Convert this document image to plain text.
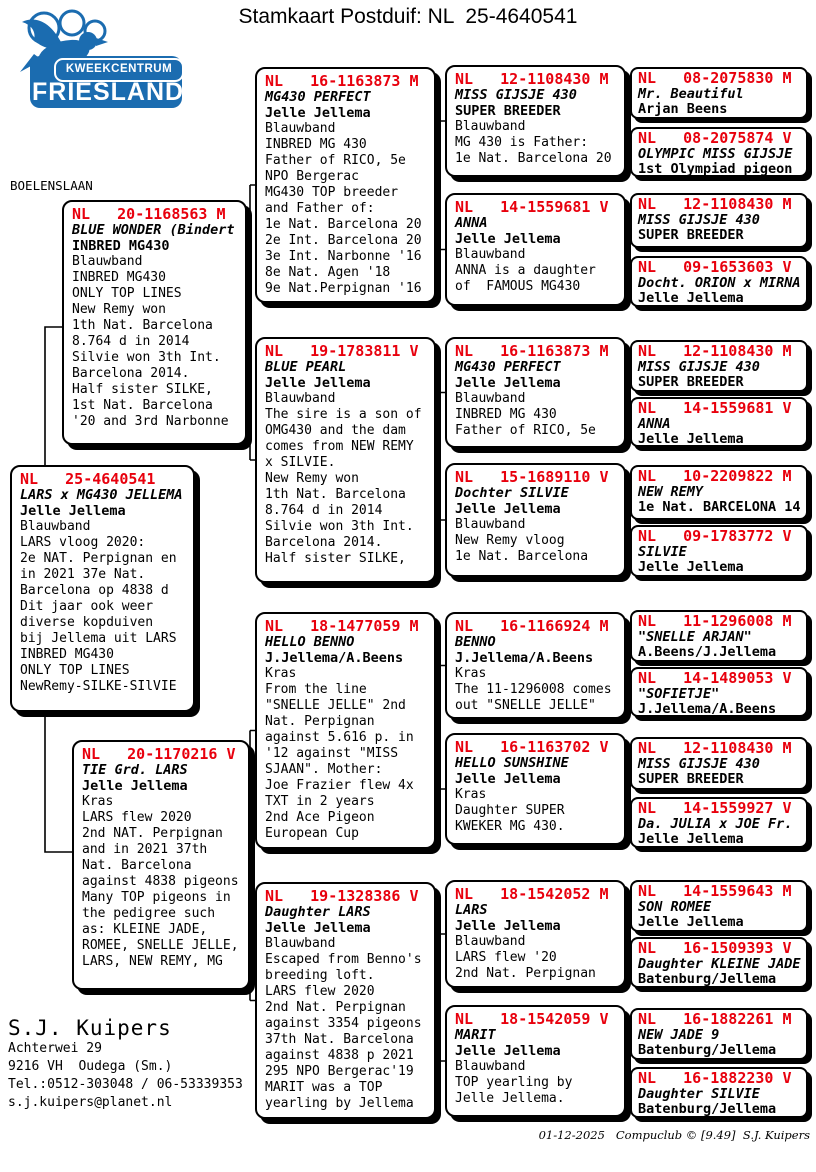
Stamkaart Postduif: NL  25-4640541
KWEEKCENTRUM
FRIESLAND
BOELENSLAAN
NL   20-1168563 M
BLUE WONDER (Bindert
INBRED MG430
Blauwband
INBRED MG430
ONLY TOP LINES
New Remy won
1th Nat. Barcelona
8.764 d in 2014
Silvie won 3th Int.
Barcelona 2014.
Half sister SILKE,
1st Nat. Barcelona
'20 and 3rd Narbonne
NL   25-4640541
LARS x MG430 JELLEMA
Jelle Jellema
Blauwband
LARS vloog 2020:
2e NAT. Perpignan en
in 2021 37e Nat.
Barcelona op 4838 d
Dit jaar ook weer
diverse kopduiven
bij Jellema uit LARS
INBRED MG430
ONLY TOP LINES
NewRemy-SILKE-SIlVIE
NL   20-1170216 V
TIE Grd. LARS
Jelle Jellema
Kras
LARS flew 2020
2nd NAT. Perpignan
and in 2021 37th
Nat. Barcelona
against 4838 pigeons
Many TOP pigeons in
the pedigree such
as: KLEINE JADE,
ROMEE, SNELLE JELLE,
LARS, NEW REMY, MG
NL   16-1163873 M
MG430 PERFECT
Jelle Jellema
Blauwband
INBRED MG 430
Father of RICO, 5e
NPO Bergerac
MG430 TOP breeder
and Father of:
1e Nat. Barcelona 20
2e Int. Barcelona 20
3e Int. Narbonne '16
8e Nat. Agen '18
9e Nat.Perpignan '16
NL   19-1783811 V
BLUE PEARL
Jelle Jellema
Blauwband
The sire is a son of
OMG430 and the dam
comes from NEW REMY
x SILVIE.
New Remy won
1th Nat. Barcelona
8.764 d in 2014
Silvie won 3th Int.
Barcelona 2014.
Half sister SILKE,
NL   18-1477059 M
HELLO BENNO
J.Jellema/A.Beens
Kras
From the line
"SNELLE JELLE" 2nd
Nat. Perpignan
against 5.616 p. in
'12 against "MISS
SJAAN". Mother:
Joe Frazier flew 4x
TXT in 2 years
2nd Ace Pigeon
European Cup
NL   19-1328386 V
Daughter LARS
Jelle Jellema
Blauwband
Escaped from Benno's
breeding loft.
LARS flew 2020
2nd Nat. Perpignan
against 3354 pigeons
37th Nat. Barcelona
against 4838 p 2021
295 NPO Bergerac'19
MARIT was a TOP
yearling by Jellema
NL   12-1108430 M
MISS GIJSJE 430
SUPER BREEDER
Blauwband
MG 430 is Father:
1e Nat. Barcelona 20
NL   14-1559681 V
ANNA
Jelle Jellema
Blauwband
ANNA is a daughter
of  FAMOUS MG430
NL   16-1163873 M
MG430 PERFECT
Jelle Jellema
Blauwband
INBRED MG 430
Father of RICO, 5e
NL   15-1689110 V
Dochter SILVIE
Jelle Jellema
Blauwband
New Remy vloog
1e Nat. Barcelona
NL   16-1166924 M
BENNO
J.Jellema/A.Beens
Kras
The 11-1296008 comes
out "SNELLE JELLE"
NL   16-1163702 V
HELLO SUNSHINE
Jelle Jellema
Kras
Daughter SUPER
KWEKER MG 430.
NL   18-1542052 M
LARS
Jelle Jellema
Blauwband
LARS flew '20
2nd Nat. Perpignan
NL   18-1542059 V
MARIT
Jelle Jellema
Blauwband
TOP yearling by
Jelle Jellema.
NL   08-2075830 M
Mr. Beautiful
Arjan Beens
NL   08-2075874 V
OLYMPIC MISS GIJSJE
1st Olympiad pigeon
NL   12-1108430 M
MISS GIJSJE 430
SUPER BREEDER
NL   09-1653603 V
Docht. ORION x MIRNA
Jelle Jellema
NL   12-1108430 M
MISS GIJSJE 430
SUPER BREEDER
NL   14-1559681 V
ANNA
Jelle Jellema
NL   10-2209822 M
NEW REMY
1e Nat. BARCELONA 14
NL   09-1783772 V
SILVIE
Jelle Jellema
NL   11-1296008 M
"SNELLE ARJAN"
A.Beens/J.Jellema
NL   14-1489053 V
"SOFIETJE"
J.Jellema/A.Beens
NL   12-1108430 M
MISS GIJSJE 430
SUPER BREEDER
NL   14-1559927 V
Da. JULIA x JOE Fr.
Jelle Jellema
NL   14-1559643 M
SON ROMEE
Jelle Jellema
NL   16-1509393 V
Daughter KLEINE JADE
Batenburg/Jellema
NL   16-1882261 M
NEW JADE 9
Batenburg/Jellema
NL   16-1882230 V
Daughter SILVIE
Batenburg/Jellema
S.J. Kuipers
Achterwei 29
9216 VH  Oudega (Sm.)
Tel.:0512-303048 / 06-53339353
s.j.kuipers@planet.nl
01-12-2025   Compuclub © [9.49]  S.J. Kuipers
